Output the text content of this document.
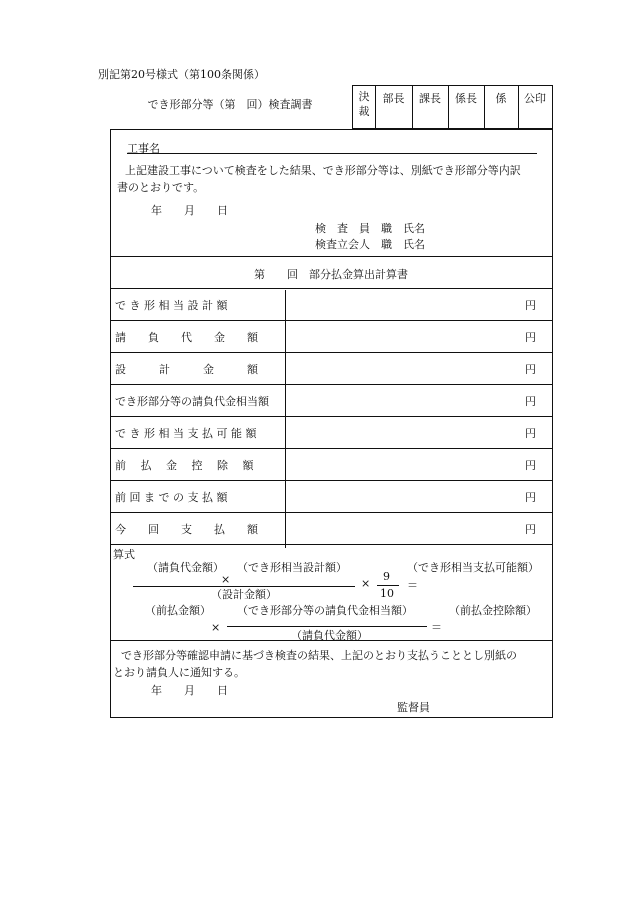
別記第20号様式（第100条関係）
でき形部分等（第　回）検査調書
決裁
部長	課長	係長	係	公印
工事名
上記建設工事について検査をした結果、でき形部分等は、別紙でき形部分等内訳
書のとおりです。
年　　月　　日
検　査　員　職　氏名
検査立会人　職　氏名
第　　回　部分払金算出計算書
で き 形 相 当 設 計 額	円
請　　負　　代　　金　　額	円
設　　　計　　　金　　　額	円
でき形部分等の請負代金相当額	円
で き 形 相 当 支 払 可 能 額	円
前　 払 　金 　控 　除 　額	円
前 回 ま で の 支 払 額	円
今　　回　　支　　払　　額	円
算式
（請負代金額） （でき形相当設計額）	（でき形相当支払可能額）
×
（設計金額）
×
9
10
＝
（前払金額） （でき形部分等の請負代金相当額）	（前払金控除額）
×
（請負代金額）
＝
でき形部分等確認申請に基づき検査の結果、上記のとおり支払うこととし別紙の
とおり請負人に通知する。
年　　月　　日
監督員
